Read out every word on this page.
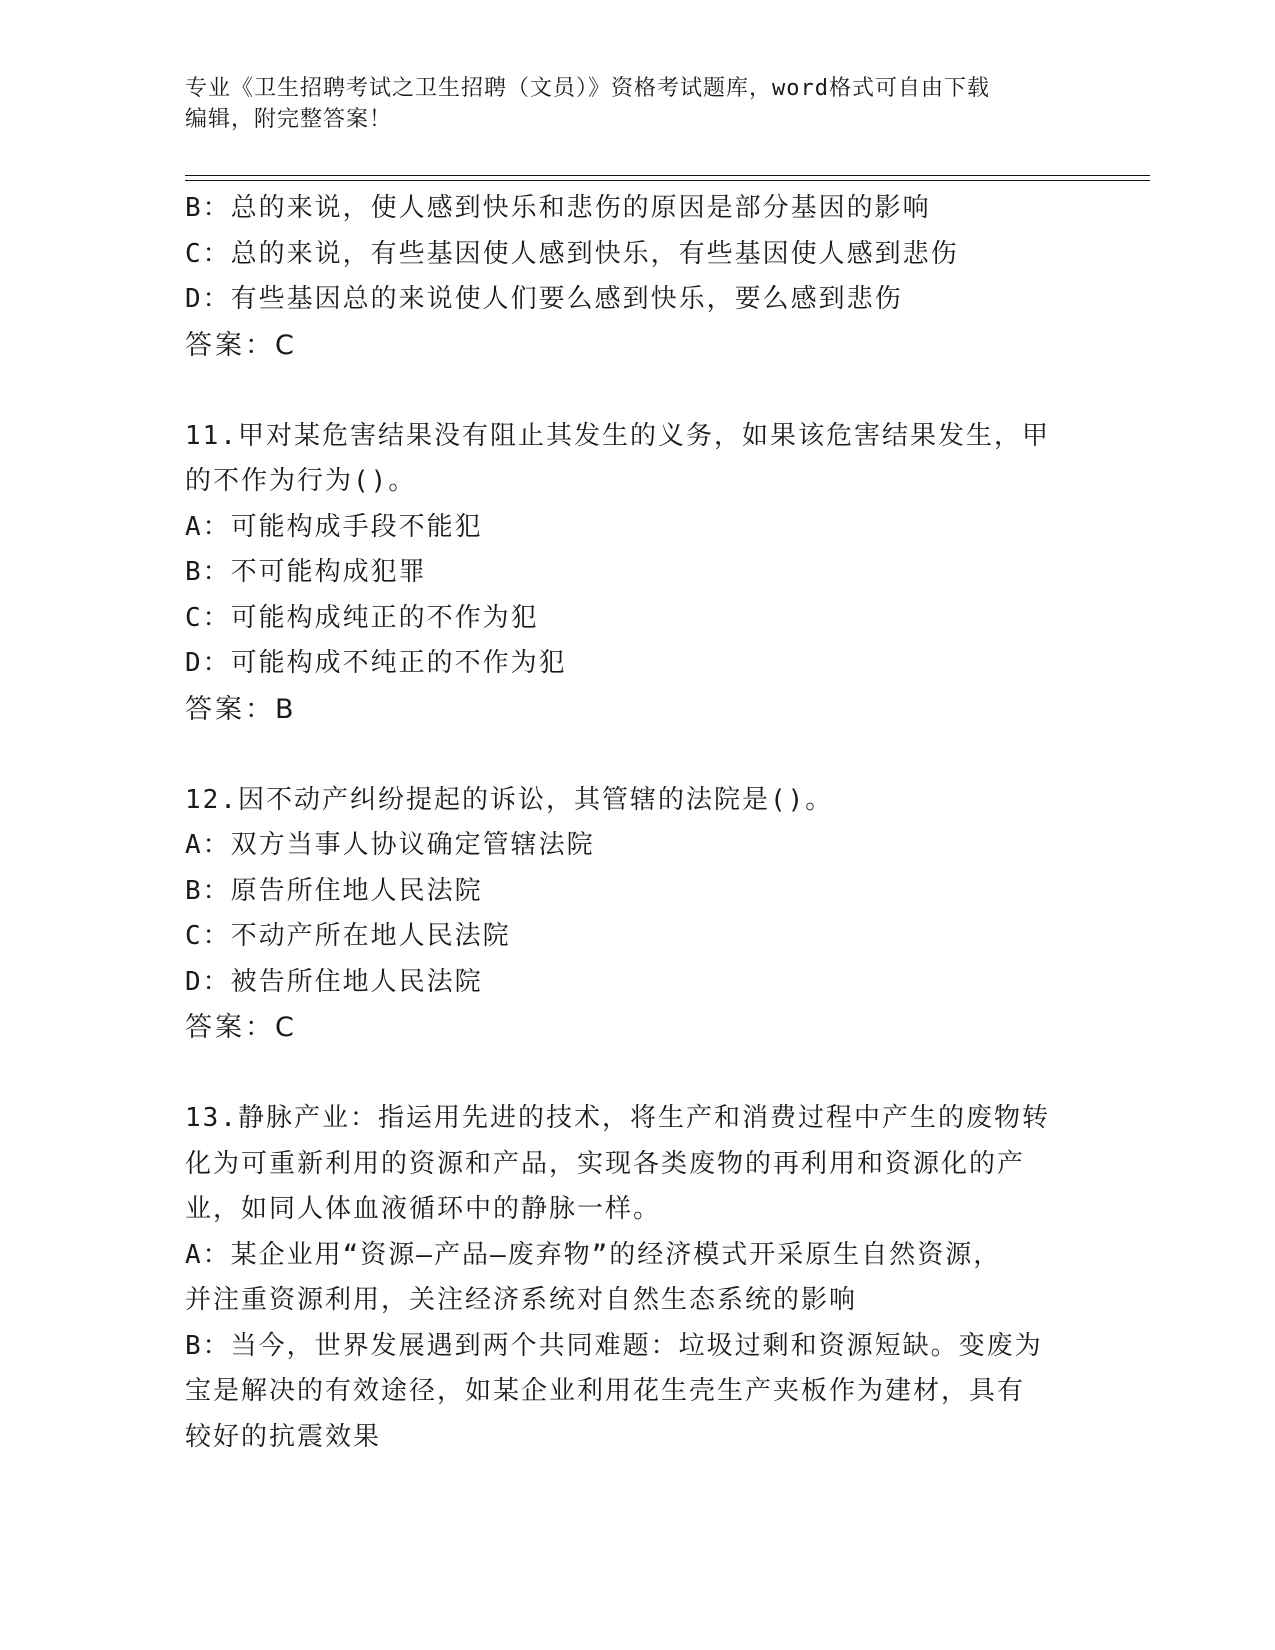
专业《卫生招聘考试之卫生招聘（文员）》资格考试题库，word格式可自由下载
编辑，附完整答案！
B：总的来说，使人感到快乐和悲伤的原因是部分基因的影响
C：总的来说，有些基因使人感到快乐，有些基因使人感到悲伤
D：有些基因总的来说使人们要么感到快乐，要么感到悲伤
答案：C
11.甲对某危害结果没有阻止其发生的义务，如果该危害结果发生，甲
的不作为行为()。
A：可能构成手段不能犯
B：不可能构成犯罪
C：可能构成纯正的不作为犯
D：可能构成不纯正的不作为犯
答案：B
12.因不动产纠纷提起的诉讼，其管辖的法院是()。
A：双方当事人协议确定管辖法院
B：原告所住地人民法院
C：不动产所在地人民法院
D：被告所住地人民法院
答案：C
13.静脉产业：指运用先进的技术，将生产和消费过程中产生的废物转
化为可重新利用的资源和产品，实现各类废物的再利用和资源化的产
业，如同人体血液循环中的静脉一样。
A：某企业用“资源—产品—废弃物”的经济模式开采原生自然资源，
并注重资源利用，关注经济系统对自然生态系统的影响
B：当今，世界发展遇到两个共同难题：垃圾过剩和资源短缺。变废为
宝是解决的有效途径，如某企业利用花生壳生产夹板作为建材，具有
较好的抗震效果
